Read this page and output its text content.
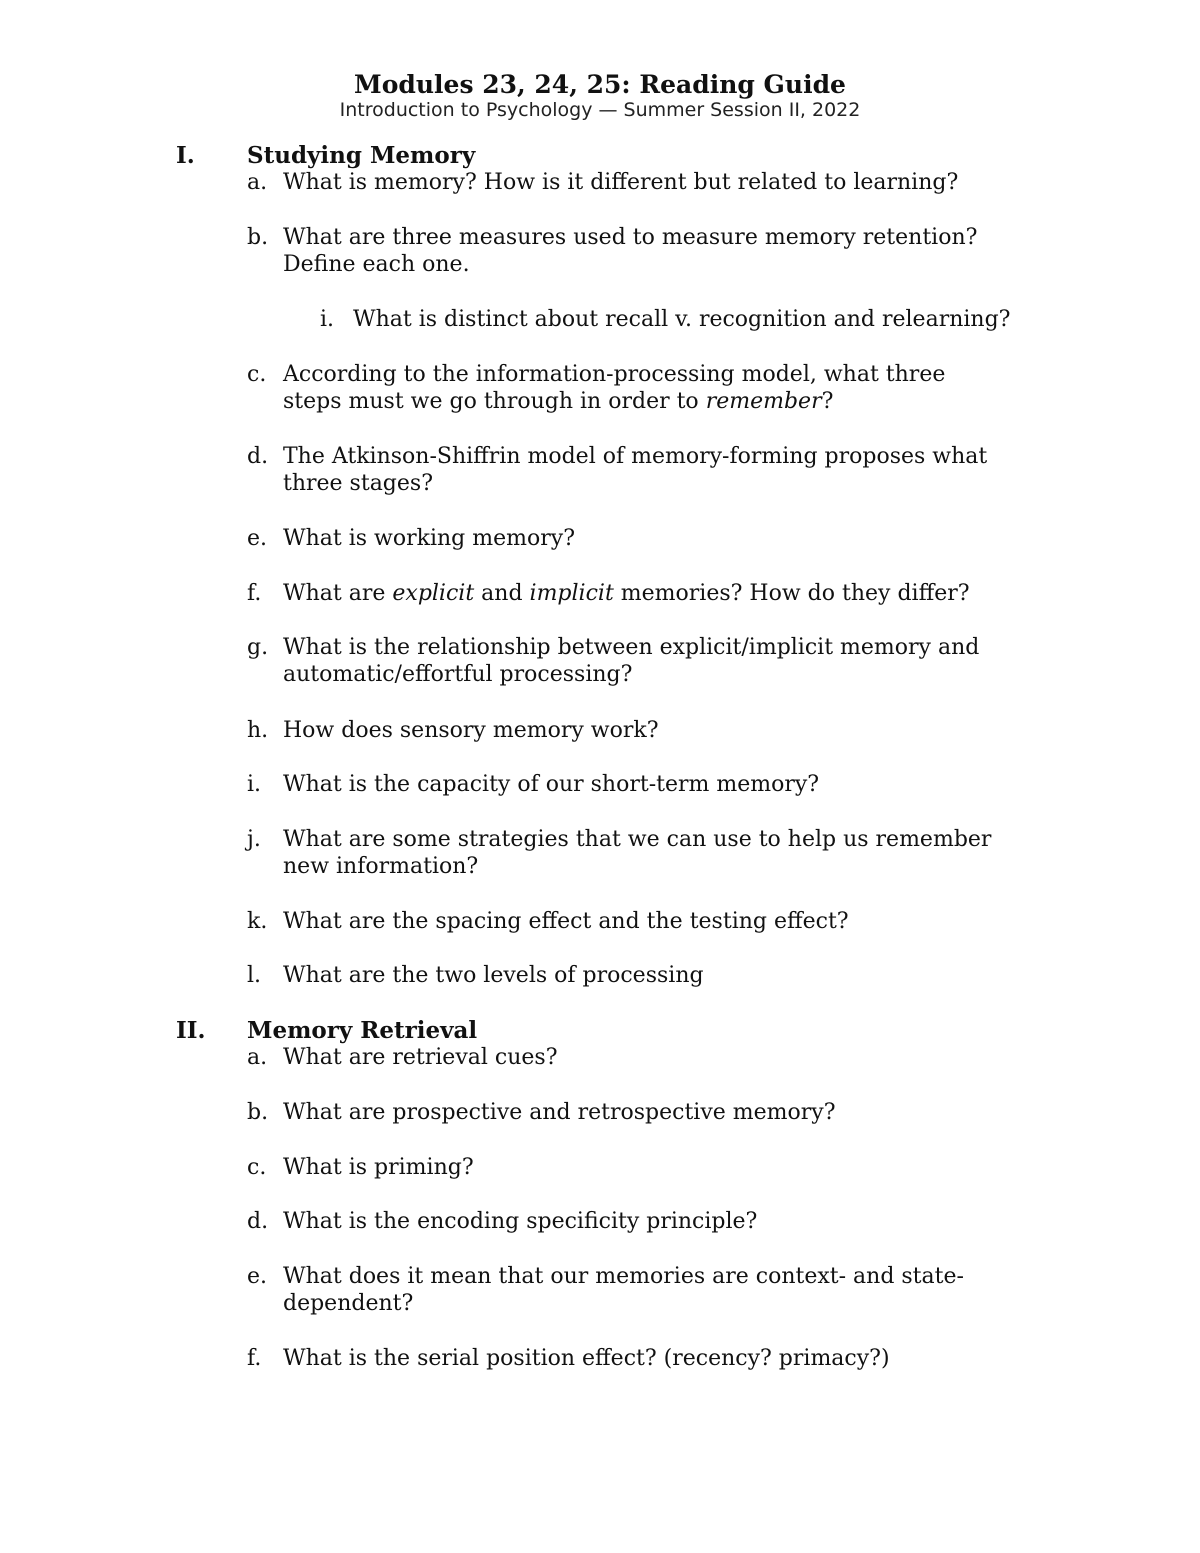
Modules 23, 24, 25: Reading Guide
Introduction to Psychology — Summer Session II, 2022
I. Studying Memory
a. What is memory? How is it different but related to learning?
b. What are three measures used to measure memory retention?
Define each one.
i. What is distinct about recall v. recognition and relearning?
c. According to the information-processing model, what three
steps must we go through in order to remember?
d. The Atkinson-Shiffrin model of memory-forming proposes what
three stages?
e. What is working memory?
f. What are explicit and implicit memories? How do they differ?
g. What is the relationship between explicit/implicit memory and
automatic/effortful processing?
h. How does sensory memory work?
i. What is the capacity of our short-term memory?
j. What are some strategies that we can use to help us remember
new information?
k. What are the spacing effect and the testing effect?
l. What are the two levels of processing
II. Memory Retrieval
a. What are retrieval cues?
b. What are prospective and retrospective memory?
c. What is priming?
d. What is the encoding specificity principle?
e. What does it mean that our memories are context- and state-
dependent?
f. What is the serial position effect? (recency? primacy?)
